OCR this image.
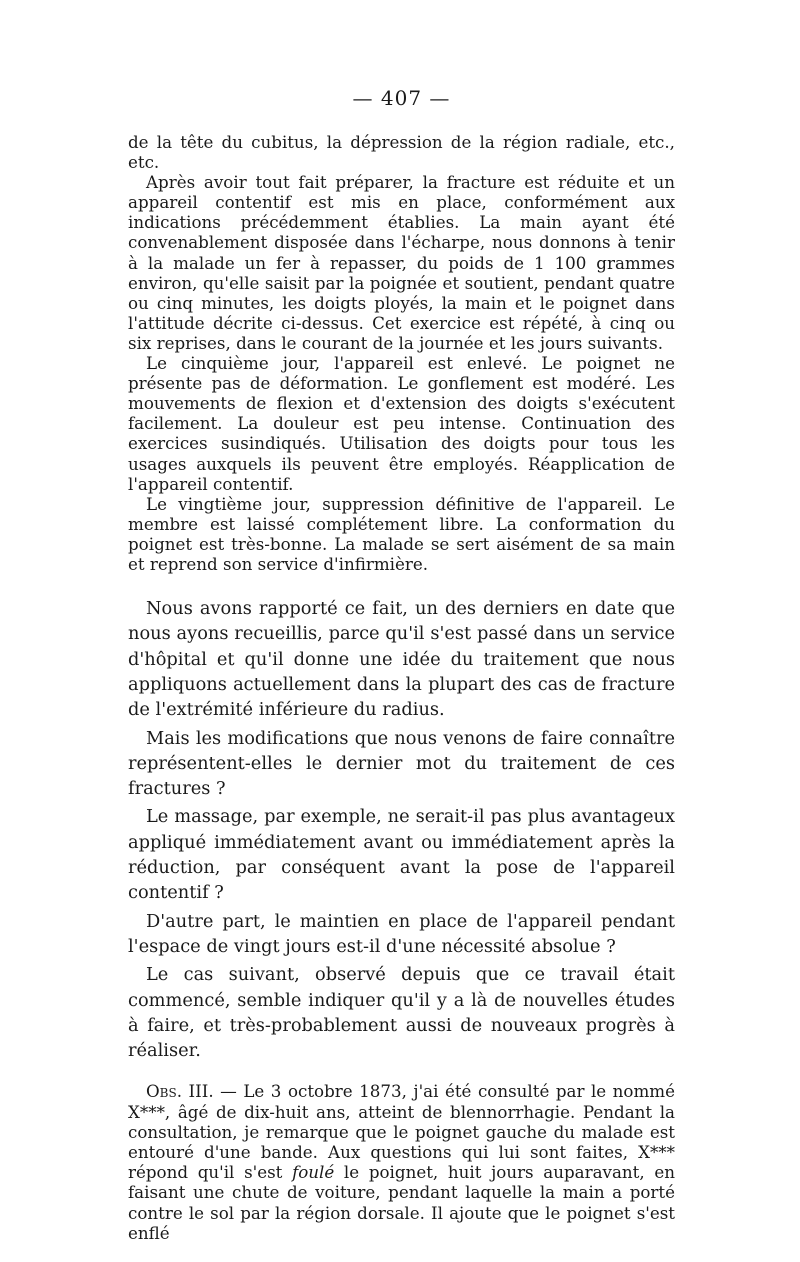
— 407 —

de la tête du cubitus, la dépression de la région radiale, etc., etc.

Après avoir tout fait préparer, la fracture est réduite et un appareil contentif est mis en place, conformément aux indications précédemment établies. La main ayant été convenablement disposée dans l'écharpe, nous donnons à tenir à la malade un fer à repasser, du poids de 1 100 grammes environ, qu'elle saisit par la poignée et soutient, pendant quatre ou cinq minutes, les doigts ployés, la main et le poignet dans l'attitude décrite ci-dessus. Cet exercice est répété, à cinq ou six reprises, dans le courant de la journée et les jours suivants.

Le cinquième jour, l'appareil est enlevé. Le poignet ne présente pas de déformation. Le gonflement est modéré. Les mouvements de flexion et d'extension des doigts s'exécutent facilement. La douleur est peu intense. Continuation des exercices susindiqués. Utilisation des doigts pour tous les usages auxquels ils peuvent être employés. Réapplication de l'appareil contentif.

Le vingtième jour, suppression définitive de l'appareil. Le membre est laissé complétement libre. La conformation du poignet est très-bonne. La malade se sert aisément de sa main et reprend son service d'infirmière.

Nous avons rapporté ce fait, un des derniers en date que nous ayons recueillis, parce qu'il s'est passé dans un service d'hôpital et qu'il donne une idée du traitement que nous appliquons actuellement dans la plupart des cas de fracture de l'extrémité inférieure du radius.

Mais les modifications que nous venons de faire connaître représentent-elles le dernier mot du traitement de ces fractures ?

Le massage, par exemple, ne serait-il pas plus avantageux appliqué immédiatement avant ou immédiatement après la réduction, par conséquent avant la pose de l'appareil contentif ?

D'autre part, le maintien en place de l'appareil pendant l'espace de vingt jours est-il d'une nécessité absolue ?

Le cas suivant, observé depuis que ce travail était commencé, semble indiquer qu'il y a là de nouvelles études à faire, et très-probablement aussi de nouveaux progrès à réaliser.

Obs. III. — Le 3 octobre 1873, j'ai été consulté par le nommé X***, âgé de dix-huit ans, atteint de blennorrhagie. Pendant la consultation, je remarque que le poignet gauche du malade est entouré d'une bande. Aux questions qui lui sont faites, X*** répond qu'il s'est foulé le poignet, huit jours auparavant, en faisant une chute de voiture, pendant laquelle la main a porté contre le sol par la région dorsale. Il ajoute que le poignet s'est enflé
